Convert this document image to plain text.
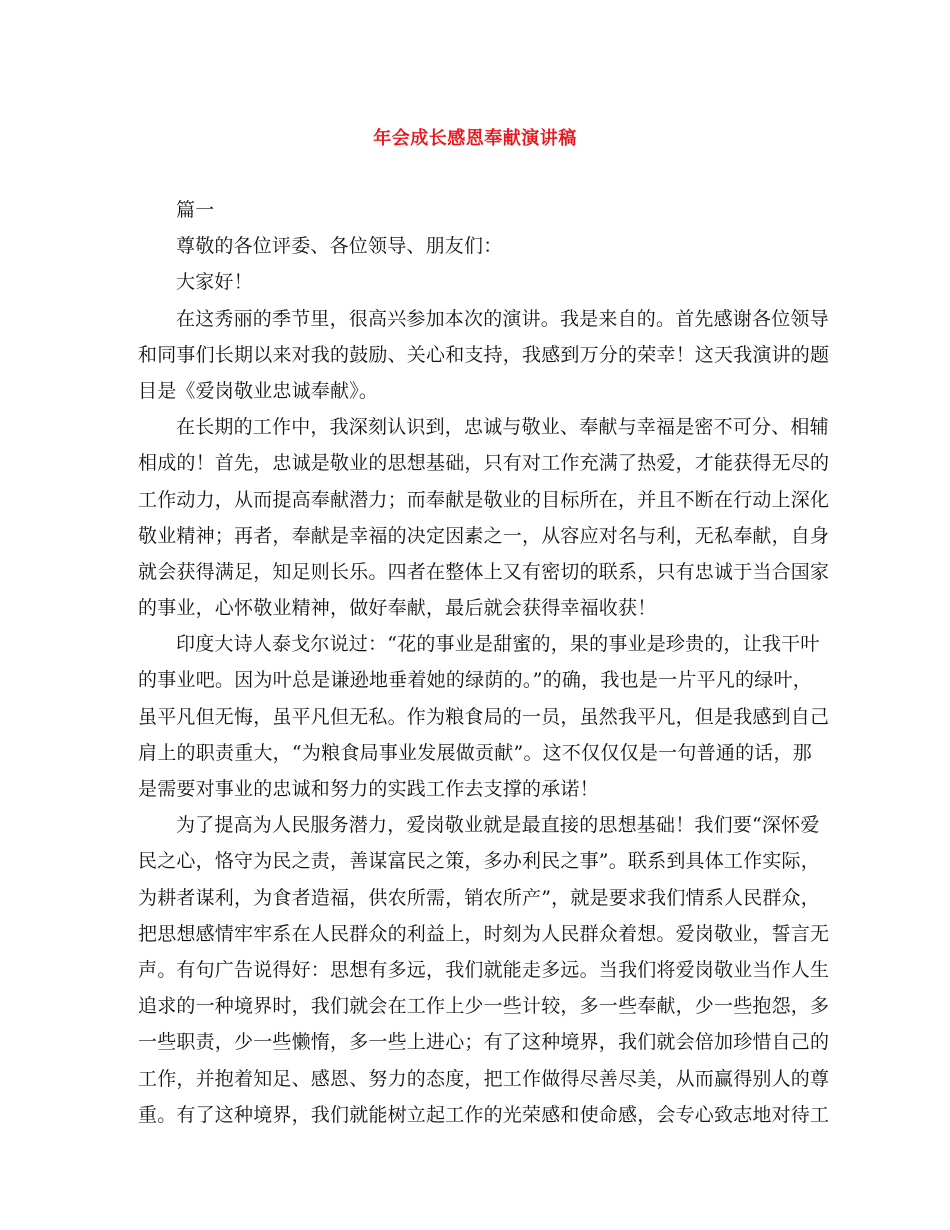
年会成长感恩奉献演讲稿
篇一
尊敬的各位评委、各位领导、朋友们：
大家好！
在这秀丽的季节里，很高兴参加本次的演讲。我是来自的。首先感谢各位领导
和同事们长期以来对我的鼓励、关心和支持，我感到万分的荣幸！这天我演讲的题
目是《爱岗敬业忠诚奉献》。
在长期的工作中，我深刻认识到，忠诚与敬业、奉献与幸福是密不可分、相辅
相成的！首先，忠诚是敬业的思想基础，只有对工作充满了热爱，才能获得无尽的
工作动力，从而提高奉献潜力；而奉献是敬业的目标所在，并且不断在行动上深化
敬业精神；再者，奉献是幸福的决定因素之一，从容应对名与利，无私奉献，自身
就会获得满足，知足则长乐。四者在整体上又有密切的联系，只有忠诚于当合国家
的事业，心怀敬业精神，做好奉献，最后就会获得幸福收获！
印度大诗人泰戈尔说过：“花的事业是甜蜜的，果的事业是珍贵的，让我干叶
的事业吧。因为叶总是谦逊地垂着她的绿荫的。”的确，我也是一片平凡的绿叶，
虽平凡但无悔，虽平凡但无私。作为粮食局的一员，虽然我平凡，但是我感到自己
肩上的职责重大，“为粮食局事业发展做贡献”。这不仅仅仅是一句普通的话，那
是需要对事业的忠诚和努力的实践工作去支撑的承诺！
为了提高为人民服务潜力，爱岗敬业就是最直接的思想基础！我们要“深怀爱
民之心，恪守为民之责，善谋富民之策，多办利民之事”。联系到具体工作实际，
为耕者谋利，为食者造福，供农所需，销农所产”，就是要求我们情系人民群众，
把思想感情牢牢系在人民群众的利益上，时刻为人民群众着想。爱岗敬业，誓言无
声。有句广告说得好：思想有多远，我们就能走多远。当我们将爱岗敬业当作人生
追求的一种境界时，我们就会在工作上少一些计较，多一些奉献，少一些抱怨，多
一些职责，少一些懒惰，多一些上进心；有了这种境界，我们就会倍加珍惜自己的
工作，并抱着知足、感恩、努力的态度，把工作做得尽善尽美，从而赢得别人的尊
重。有了这种境界，我们就能树立起工作的光荣感和使命感，会专心致志地对待工
